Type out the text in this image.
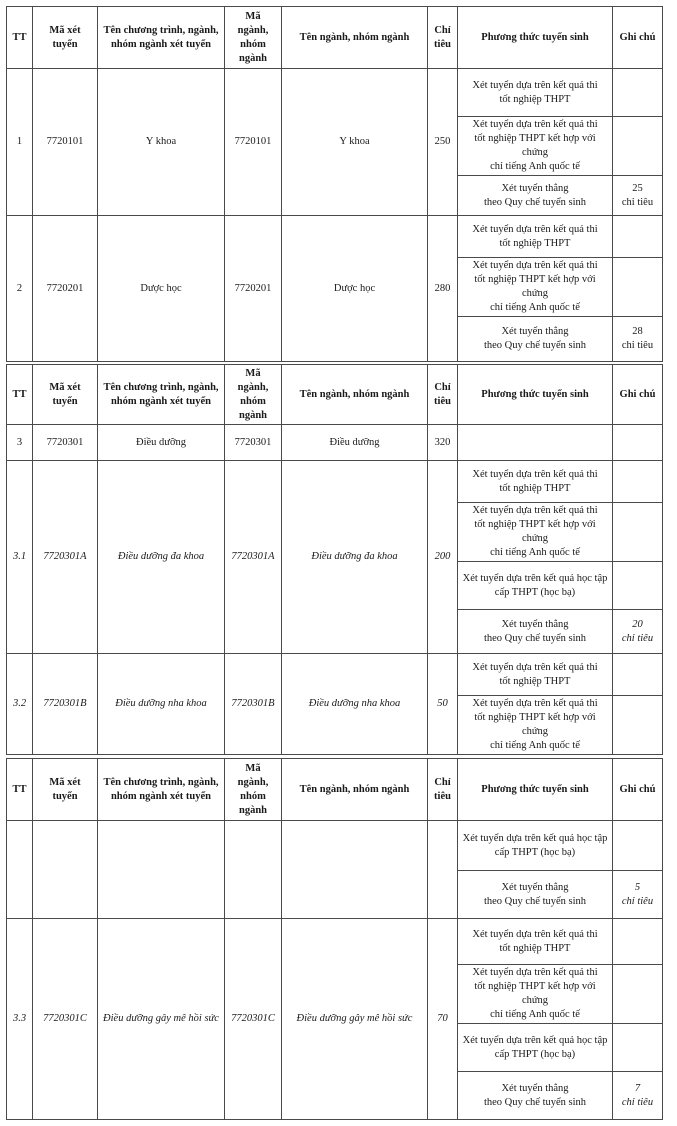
TT	Mã xét
tuyển	Tên chương trình, ngành,
nhóm ngành xét tuyển	Mã
ngành,
nhóm
ngành	Tên ngành, nhóm ngành	Chỉ
tiêu	Phương thức tuyển sinh	Ghi chú
1	7720101	Y khoa	7720101	Y khoa	250	Xét tuyển dựa trên kết quả thi
tốt nghiệp THPT	
						Xét tuyển dựa trên kết quả thi
tốt nghiệp THPT kết hợp với chứng
chỉ tiếng Anh quốc tế	
						Xét tuyển thẳng
theo Quy chế tuyển sinh	25
chỉ tiêu
2	7720201	Dược học	7720201	Dược học	280	Xét tuyển dựa trên kết quả thi
tốt nghiệp THPT	
						Xét tuyển dựa trên kết quả thi
tốt nghiệp THPT kết hợp với chứng
chỉ tiếng Anh quốc tế	
						Xét tuyển thẳng
theo Quy chế tuyển sinh	28
chỉ tiêu
TT	Mã xét
tuyển	Tên chương trình, ngành,
nhóm ngành xét tuyển	Mã
ngành,
nhóm
ngành	Tên ngành, nhóm ngành	Chỉ
tiêu	Phương thức tuyển sinh	Ghi chú
3	7720301	Điều dưỡng	7720301	Điều dưỡng	320		
3.1	7720301A	Điều dưỡng đa khoa	7720301A	Điều dưỡng đa khoa	200	Xét tuyển dựa trên kết quả thi
tốt nghiệp THPT	
						Xét tuyển dựa trên kết quả thi
tốt nghiệp THPT kết hợp với chứng
chỉ tiếng Anh quốc tế	
						Xét tuyển dựa trên kết quả học tập
cấp THPT (học bạ)	
						Xét tuyển thẳng
theo Quy chế tuyển sinh	20
chỉ tiêu
3.2	7720301B	Điều dưỡng nha khoa	7720301B	Điều dưỡng nha khoa	50	Xét tuyển dựa trên kết quả thi
tốt nghiệp THPT	
						Xét tuyển dựa trên kết quả thi
tốt nghiệp THPT kết hợp với chứng
chỉ tiếng Anh quốc tế	
TT	Mã xét
tuyển	Tên chương trình, ngành,
nhóm ngành xét tuyển	Mã
ngành,
nhóm
ngành	Tên ngành, nhóm ngành	Chỉ
tiêu	Phương thức tuyển sinh	Ghi chú
						Xét tuyển dựa trên kết quả học tập
cấp THPT (học bạ)	
						Xét tuyển thẳng
theo Quy chế tuyển sinh	5
chỉ tiêu
3.3	7720301C	Điều dưỡng gây mê hồi sức	7720301C	Điều dưỡng gây mê hồi sức	70	Xét tuyển dựa trên kết quả thi
tốt nghiệp THPT	
						Xét tuyển dựa trên kết quả thi
tốt nghiệp THPT kết hợp với chứng
chỉ tiếng Anh quốc tế	
						Xét tuyển dựa trên kết quả học tập
cấp THPT (học bạ)	
						Xét tuyển thẳng
theo Quy chế tuyển sinh	7
chỉ tiêu
